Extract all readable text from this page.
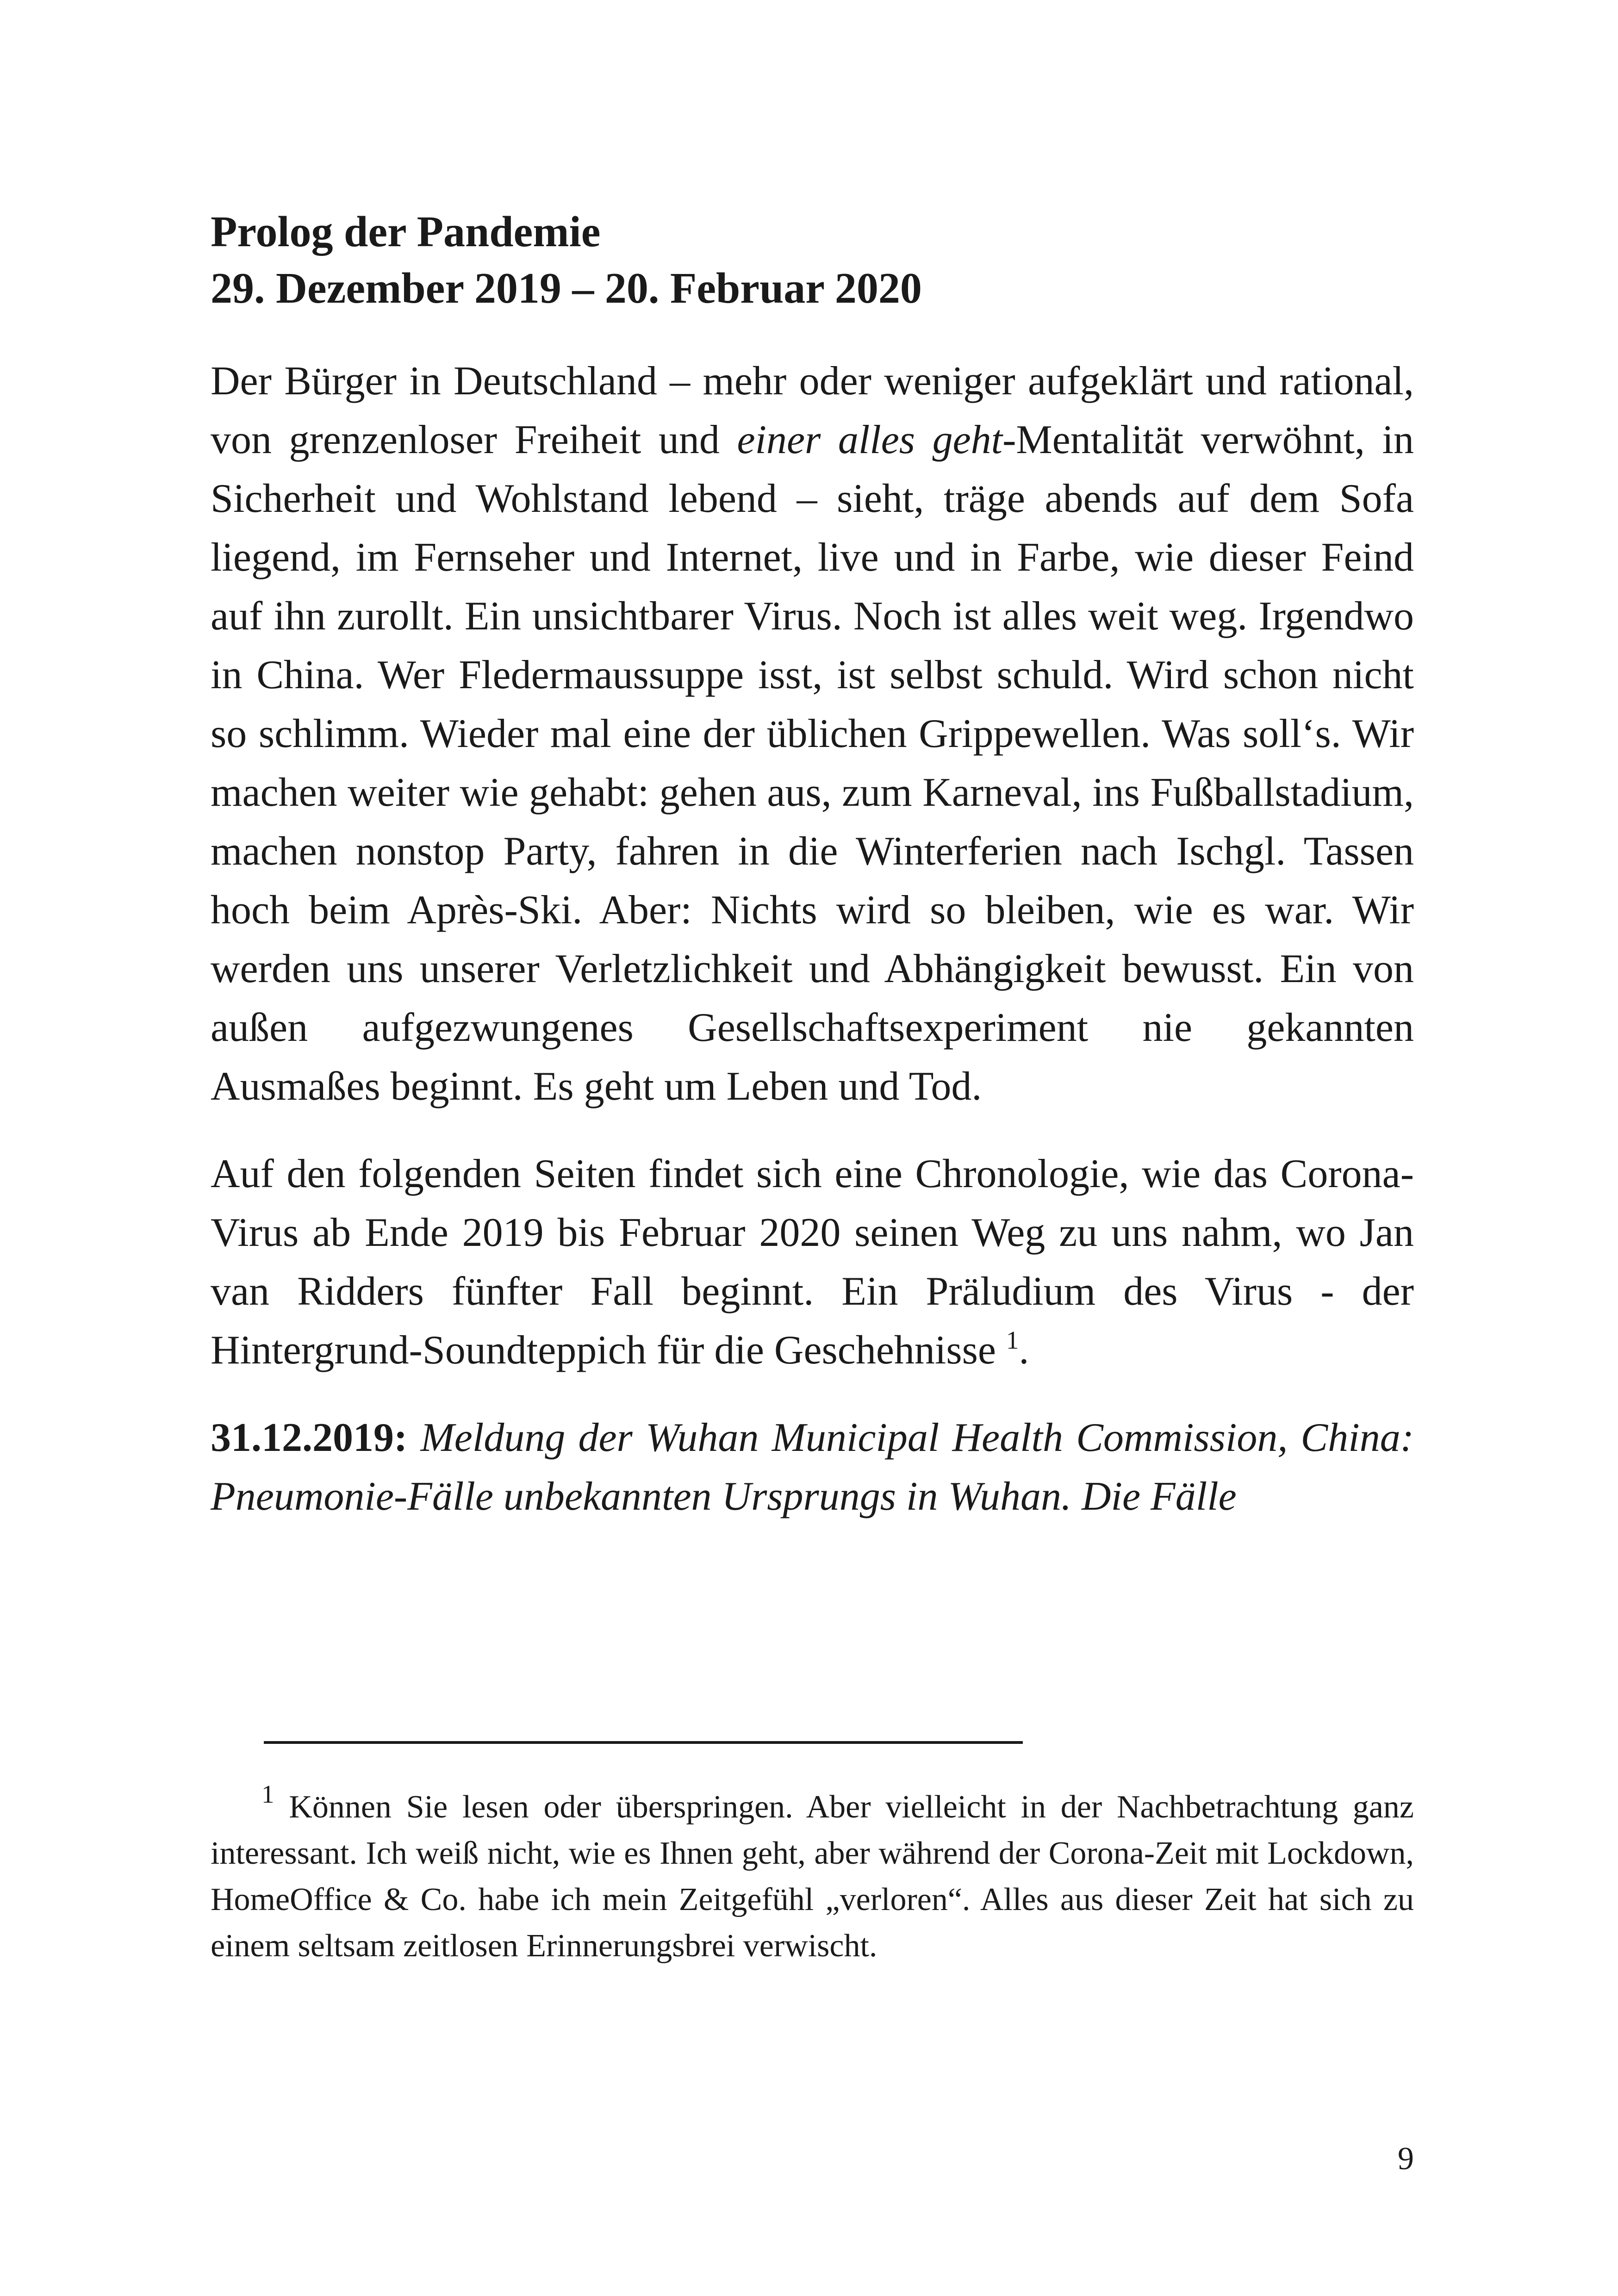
Prolog der Pandemie
29. Dezember 2019 – 20. Februar 2020

Der Bürger in Deutschland – mehr oder weniger aufgeklärt und rational, von grenzenloser Freiheit und einer alles geht-Mentalität verwöhnt, in Sicherheit und Wohlstand lebend – sieht, träge abends auf dem Sofa liegend, im Fernseher und Internet, live und in Farbe, wie dieser Feind auf ihn zurollt. Ein unsichtbarer Virus. Noch ist alles weit weg. Irgendwo in China. Wer Fledermaussuppe isst, ist selbst schuld. Wird schon nicht so schlimm. Wieder mal eine der üblichen Grippewellen. Was soll‘s. Wir machen weiter wie gehabt: gehen aus, zum Karneval, ins Fußballstadium, machen nonstop Party, fahren in die Winterferien nach Ischgl. Tassen hoch beim Après-Ski. Aber: Nichts wird so bleiben, wie es war. Wir werden uns unserer Verletzlichkeit und Abhängigkeit bewusst. Ein von außen aufgezwungenes Gesellschaftsexperiment nie gekannten Ausmaßes beginnt. Es geht um Leben und Tod.

Auf den folgenden Seiten findet sich eine Chronologie, wie das Corona-Virus ab Ende 2019 bis Februar 2020 seinen Weg zu uns nahm, wo Jan van Ridders fünfter Fall beginnt. Ein Präludium des Virus - der Hintergrund-Soundteppich für die Geschehnisse $^1$.

31.12.2019: Meldung der Wuhan Municipal Health Commission, China: Pneumonie-Fälle unbekannten Ursprungs in Wuhan. Die Fälle

$^1$ Können Sie lesen oder überspringen. Aber vielleicht in der Nachbetrachtung ganz interessant. Ich weiß nicht, wie es Ihnen geht, aber während der Corona-Zeit mit Lockdown, HomeOffice & Co. habe ich mein Zeitgefühl „verloren“. Alles aus dieser Zeit hat sich zu einem seltsam zeitlosen Erinnerungsbrei verwischt.

9
